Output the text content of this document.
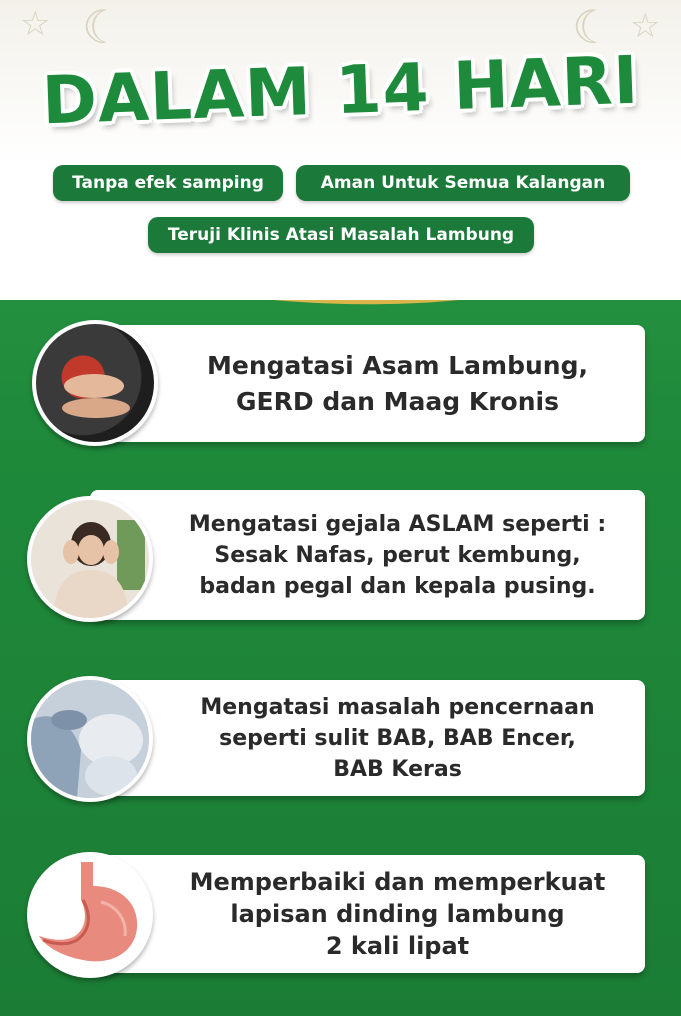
☆ ☾	☾ ☆
DALAM 14 HARI
Tanpa efek samping	Aman Untuk Semua Kalangan
Teruji Klinis Atasi Masalah Lambung
Mengatasi Asam Lambung,
GERD dan Maag Kronis
Mengatasi gejala ASLAM seperti :
Sesak Nafas, perut kembung,
badan pegal dan kepala pusing.
Mengatasi masalah pencernaan
seperti sulit BAB, BAB Encer,
BAB Keras
Memperbaiki dan memperkuat
lapisan dinding lambung
2 kali lipat
